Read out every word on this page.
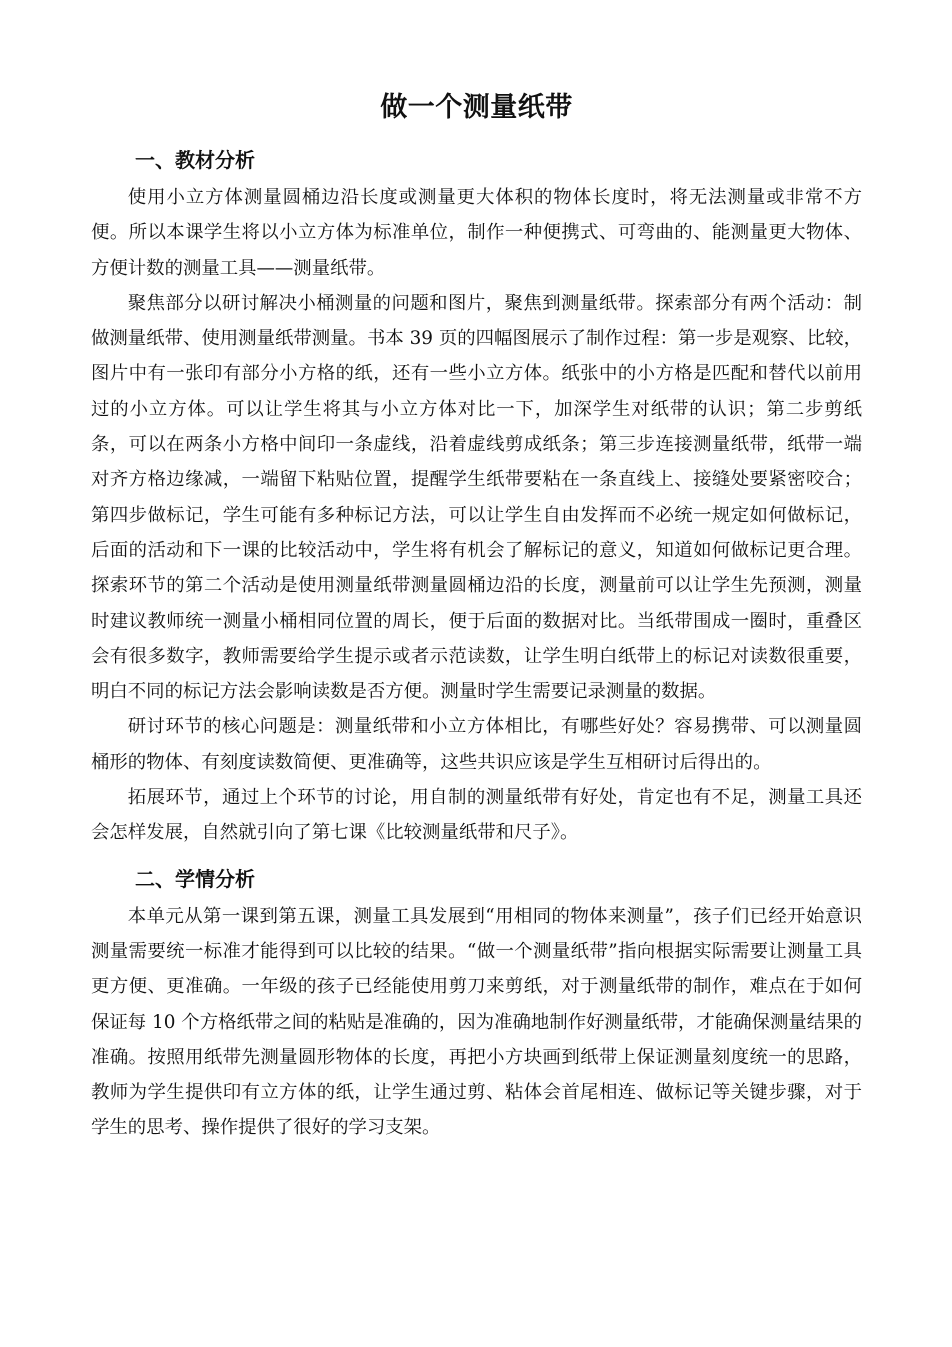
做一个测量纸带
一、教材分析

使用小立方体测量圆桶边沿长度或测量更大体积的物体长度时，将无法测量或非常不方便。所以本课学生将以小立方体为标准单位，制作一种便携式、可弯曲的、能测量更大物体、方便计数的测量工具——测量纸带。

聚焦部分以研讨解决小桶测量的问题和图片，聚焦到测量纸带。探索部分有两个活动：制做测量纸带、使用测量纸带测量。书本 39 页的四幅图展示了制作过程：第一步是观察、比较，图片中有一张印有部分小方格的纸，还有一些小立方体。纸张中的小方格是匹配和替代以前用过的小立方体。可以让学生将其与小立方体对比一下，加深学生对纸带的认识；第二步剪纸条，可以在两条小方格中间印一条虚线，沿着虚线剪成纸条；第三步连接测量纸带，纸带一端对齐方格边缘减，一端留下粘贴位置，提醒学生纸带要粘在一条直线上、接缝处要紧密咬合；第四步做标记，学生可能有多种标记方法，可以让学生自由发挥而不必统一规定如何做标记，后面的活动和下一课的比较活动中，学生将有机会了解标记的意义，知道如何做标记更合理。探索环节的第二个活动是使用测量纸带测量圆桶边沿的长度，测量前可以让学生先预测，测量时建议教师统一测量小桶相同位置的周长，便于后面的数据对比。当纸带围成一圈时，重叠区会有很多数字，教师需要给学生提示或者示范读数，让学生明白纸带上的标记对读数很重要，明白不同的标记方法会影响读数是否方便。测量时学生需要记录测量的数据。

研讨环节的核心问题是：测量纸带和小立方体相比，有哪些好处？容易携带、可以测量圆桶形的物体、有刻度读数简便、更准确等，这些共识应该是学生互相研讨后得出的。

拓展环节，通过上个环节的讨论，用自制的测量纸带有好处，肯定也有不足，测量工具还会怎样发展，自然就引向了第七课《比较测量纸带和尺子》。

二、学情分析

本单元从第一课到第五课，测量工具发展到“用相同的物体来测量”，孩子们已经开始意识测量需要统一标准才能得到可以比较的结果。“做一个测量纸带”指向根据实际需要让测量工具更方便、更准确。一年级的孩子已经能使用剪刀来剪纸，对于测量纸带的制作，难点在于如何保证每 10 个方格纸带之间的粘贴是准确的，因为准确地制作好测量纸带，才能确保测量结果的准确。按照用纸带先测量圆形物体的长度，再把小方块画到纸带上保证测量刻度统一的思路，教师为学生提供印有立方体的纸，让学生通过剪、粘体会首尾相连、做标记等关键步骤，对于学生的思考、操作提供了很好的学习支架。
